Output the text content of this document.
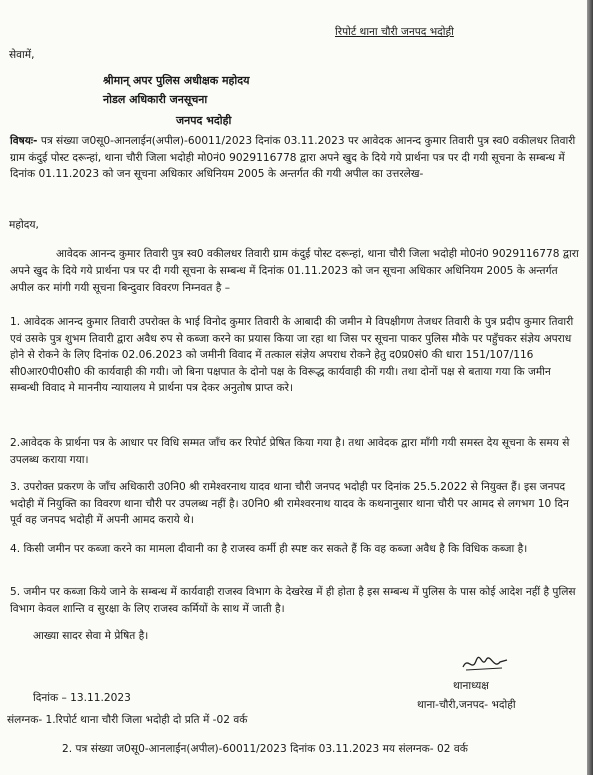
रिपोर्ट थाना चौरी जनपद भदोही
सेवामें,
श्रीमान् अपर पुलिस अधीक्षक महोदय
नोडल अधिकारी जनसूचना
जनपद भदोही
विषयः- पत्र संख्या ज0सू0-आनलाईन(अपील)-60011/2023 दिनांक 03.11.2023 पर आवेदक आनन्द कुमार तिवारी पुत्र स्व0 वकीलधर तिवारी ग्राम कंदुई पोस्ट दरून्हां, थाना चौरी जिला भदोही मो0नं0 9029116778 द्वारा अपने खुद के दिये गये प्रार्थना पत्र पर दी गयी सूचना के सम्बन्ध में दिनांक 01.11.2023 को जन सूचना अधिकार अधिनियम 2005 के अन्तर्गत की गयी अपील का उत्तरलेख-
महोदय,
आवेदक आनन्द कुमार तिवारी पुत्र स्व0 वकीलधर तिवारी ग्राम कंदुई पोस्ट दरून्हां, थाना चौरी जिला भदोही मो0नं0 9029116778 द्वारा अपने खुद के दिये गये प्रार्थना पत्र पर दी गयी सूचना के सम्बन्ध में दिनांक 01.11.2023 को जन सूचना अधिकार अधिनियम 2005 के अन्तर्गत अपील कर मांगी गयी सूचना बिन्दुवार विवरण निम्नवत है –
1. आवेदक आनन्द कुमार तिवारी उपरोक्त के भाई विनोद कुमार तिवारी के आबादी की जमीन मे विपक्षीगण तेजधर तिवारी के पुत्र प्रदीप कुमार तिवारी एवं उसके पुत्र शुभम तिवारी द्वारा अवैध रुप से कब्जा करने का प्रयास किया जा रहा था जिस पर सूचना पाकर पुलिस मौके पर पहुँचकर संज्ञेय अपराध होने से रोकने के लिए दिनांक 02.06.2023 को जमीनी विवाद में तत्काल संज्ञेय अपराध रोकने हेतु द0प्र0सं0 की धारा 151/107/116 सी0आर0पी0सी0 की कार्यवाही की गयी। जो बिना पक्षपात के दोनो पक्ष के विरूद्ध कार्यवाही की गयी। तथा दोनों पक्ष से बताया गया कि जमीन सम्बन्धी विवाद मे माननीय न्यायालय मे प्रार्थना पत्र देकर अनुतोष प्राप्त करे।
2.आवेदक के प्रार्थना पत्र के आधार पर विधि सम्मत जाँच कर रिपोर्ट प्रेषित किया गया है। तथा आवेदक द्वारा माँगी गयी समस्त देय सूचना के समय से उपलब्ध कराया गया।
3. उपरोक्त प्रकरण के जाँच अधिकारी उ0नि0 श्री रामेश्वरनाथ यादव थाना चौरी जनपद भदोही पर दिनांक 25.5.2022 से नियुक्त हैं। इस जनपद भदोही में नियुक्ति का विवरण थाना चौरी पर उपलब्ध नहीं है। उ0नि0 श्री रामेश्वरनाथ यादव के कथनानुसार थाना चौरी पर आमद से लगभग 10 दिन पूर्व वह जनपद भदोही में अपनी आमद कराये थे।
4. किसी जमीन पर कब्जा करने का मामला दीवानी का है राजस्व कर्मी ही स्पष्ट कर सकते हैं कि वह कब्जा अवैध है कि विधिक कब्जा है।
5. जमीन पर कब्जा किये जाने के सम्बन्ध में कार्यवाही राजस्व विभाग के देखरेख में ही होता है इस सम्बन्ध में पुलिस के पास कोई आदेश नहीं है पुलिस विभाग केवल शान्ति व सुरक्षा के लिए राजस्व कर्मियों के साथ में जाती है।
आख्या सादर सेवा मे प्रेषित है।
थानाध्यक्ष
थाना-चौरी,जनपद- भदोही
दिनांक – 13.11.2023
संलग्नक- 1.रिपोर्ट थाना चौरी जिला भदोही दो प्रति में -02 वर्क
2. पत्र संख्या ज0सू0-आनलाईन(अपील)-60011/2023 दिनांक 03.11.2023 मय संलग्नक- 02 वर्क
